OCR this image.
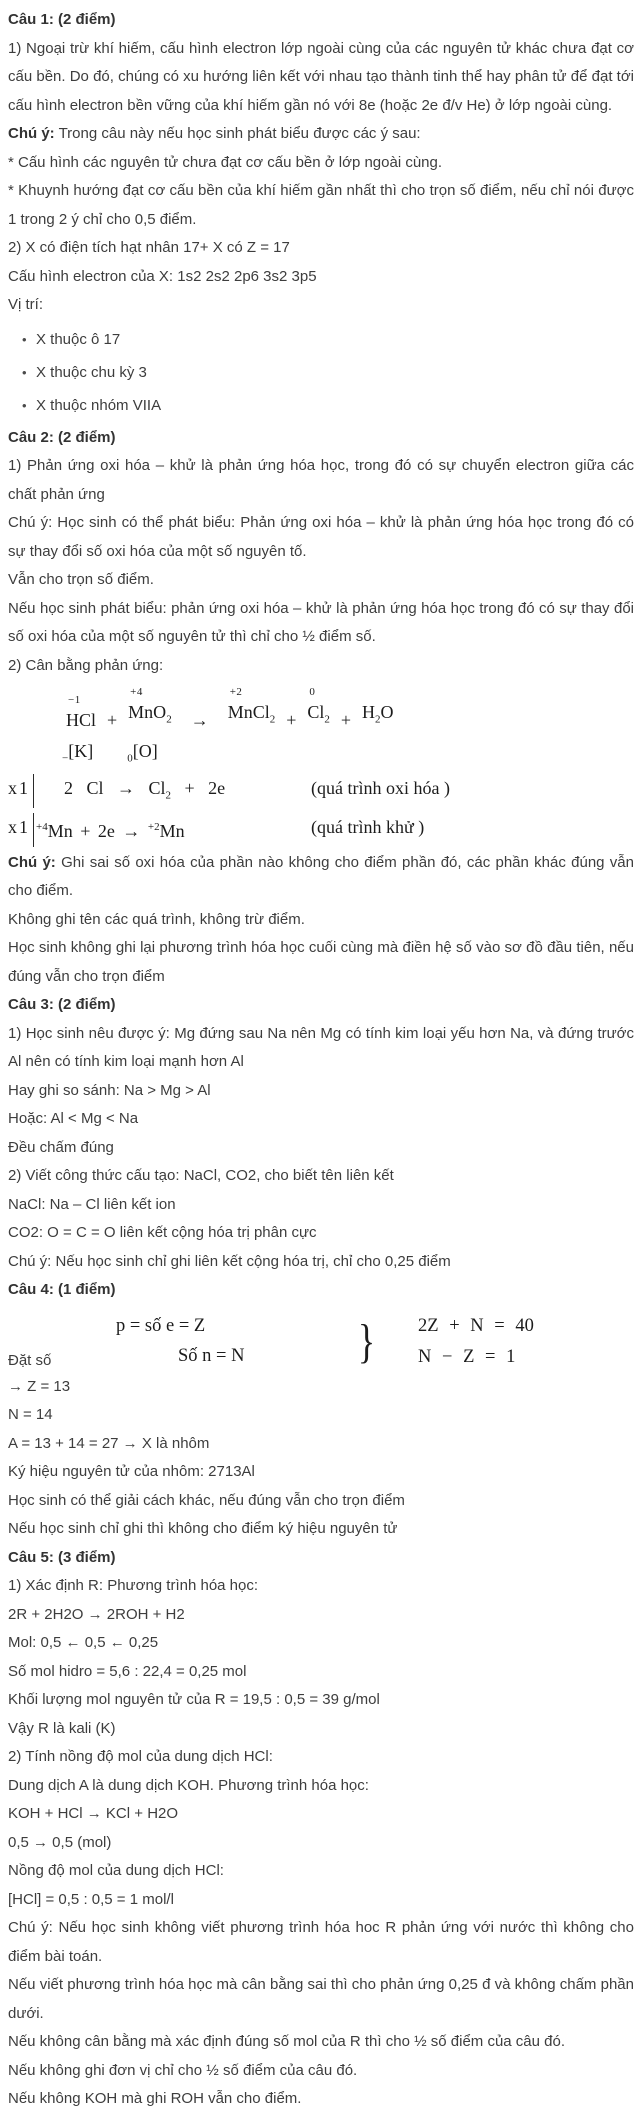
Câu 1: (2 điểm)

1) Ngoại trừ khí hiếm, cấu hình electron lớp ngoài cùng của các nguyên tử khác chưa đạt cơ cấu bền. Do đó, chúng có xu hướng liên kết với nhau tạo thành tinh thể hay phân tử để đạt tới cấu hình electron bền vững của khí hiếm gần nó với 8e (hoặc 2e đ/v He) ở lớp ngoài cùng.

Chú ý: Trong câu này nếu học sinh phát biểu được các ý sau:

* Cấu hình các nguyên tử chưa đạt cơ cấu bền ở lớp ngoài cùng.

* Khuynh hướng đạt cơ cấu bền của khí hiếm gần nhất thì cho trọn số điểm, nếu chỉ nói được 1 trong 2 ý chỉ cho 0,5 điểm.

2) X có điện tích hạt nhân 17+ X có Z = 17

Cấu hình electron của X: 1s2 2s2 2p6 3s2 3p5

Vị trí:

• X thuộc ô 17
• X thuộc chu kỳ 3
• X thuộc nhóm VIIA
Câu 2: (2 điểm)

1) Phản ứng oxi hóa – khử là phản ứng hóa học, trong đó có sự chuyển electron giữa các chất phản ứng

Chú ý: Học sinh có thể phát biểu: Phản ứng oxi hóa – khử là phản ứng hóa học trong đó có sự thay đổi số oxi hóa của một số nguyên tố.

Vẫn cho trọn số điểm.

Nếu học sinh phát biểu: phản ứng oxi hóa – khử là phản ứng hóa học trong đó có sự thay đổi số oxi hóa của một số nguyên tử thì chỉ cho ½ điểm số.

2) Cân bằng phản ứng:

−1
HCl +
+4
MnO$_2$ →
+2
MnCl$_2$ +
0
$Cl_2 + H_2O$
$_-$[K]	$_0$[O]
x1 2 $Cl \to Cl_2 + 2e$	(quá trình oxi hóa )
x1 $^{+4}$Mn + 2e → $^{+2}$Mn	(quá trình khử )

Chú ý: Ghi sai số oxi hóa của phần nào không cho điểm phần đó, các phần khác đúng vẫn cho điểm.

Không ghi tên các quá trình, không trừ điểm.

Học sinh không ghi lại phương trình hóa học cuối cùng mà điền hệ số vào sơ đồ đầu tiên, nếu đúng vẫn cho trọn điểm

Câu 3: (2 điểm)

1) Học sinh nêu được ý: Mg đứng sau Na nên Mg có tính kim loại yếu hơn Na, và đứng trước Al nên có tính kim loại mạnh hơn Al

Hay ghi so sánh: Na > Mg > Al

Hoặc: Al < Mg < Na

Đều chấm đúng

2) Viết công thức cấu tạo: NaCl, CO2, cho biết tên liên kết

NaCl: Na – Cl liên kết ion

CO2: O = C = O liên kết cộng hóa trị phân cực

Chú ý: Nếu học sinh chỉ ghi liên kết cộng hóa trị, chỉ cho 0,25 điểm

Câu 4: (1 điểm)
Đặt số
p = số e = Z
Số n = N	} 2Z + N = 40
N − Z = 1

→ Z = 13

N = 14

A = 13 + 14 = 27 → X là nhôm

Ký hiệu nguyên tử của nhôm: 2713Al

Học sinh có thể giải cách khác, nếu đúng vẫn cho trọn điểm

Nếu học sinh chỉ ghi thì không cho điểm ký hiệu nguyên tử

Câu 5: (3 điểm)

1) Xác định R: Phương trình hóa học:

2R + 2H2O → 2ROH + H2

Mol: 0,5 ← 0,5 ← 0,25

Số mol hidro = 5,6 : 22,4 = 0,25 mol

Khối lượng mol nguyên tử của R = 19,5 : 0,5 = 39 g/mol

Vậy R là kali (K)

2) Tính nồng độ mol của dung dịch HCl:

Dung dịch A là dung dịch KOH. Phương trình hóa học:

KOH + HCl → KCl + H2O

0,5 → 0,5 (mol)

Nồng độ mol của dung dịch HCl:

[HCl] = 0,5 : 0,5 = 1 mol/l

Chú ý: Nếu học sinh không viết phương trình hóa hoc R phản ứng với nước thì không cho điểm bài toán.

Nếu viết phương trình hóa học mà cân bằng sai thì cho phản ứng 0,25 đ và không chấm phần dưới.

Nếu không cân bằng mà xác định đúng số mol của R thì cho ½ số điểm của câu đó.

Nếu không ghi đơn vị chỉ cho ½ số điểm của câu đó.

Nếu không KOH mà ghi ROH vẫn cho điểm.
